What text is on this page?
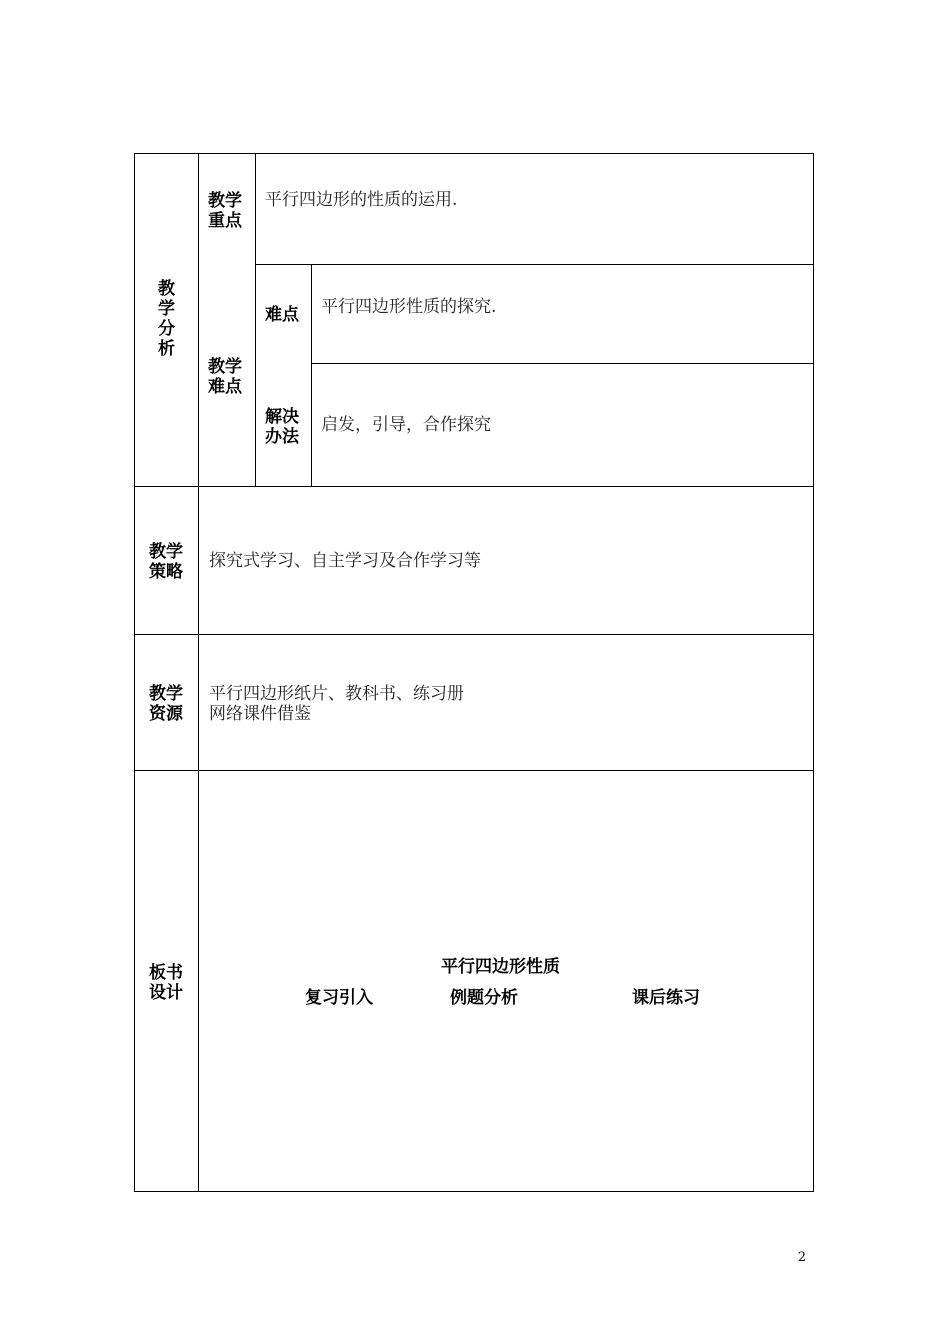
教
学
分
析
教学
重点
平行四边形的性质的运用.
教学
难点
难点 平行四边形性质的探究.
解决
办法
启发，引导，合作探究
教学
策略
探究式学习、自主学习及合作学习等
教学
资源
平行四边形纸片、教科书、练习册
网络课件借鉴
板书
设计
平行四边形性质
复习引入	例题分析	课后练习
2
